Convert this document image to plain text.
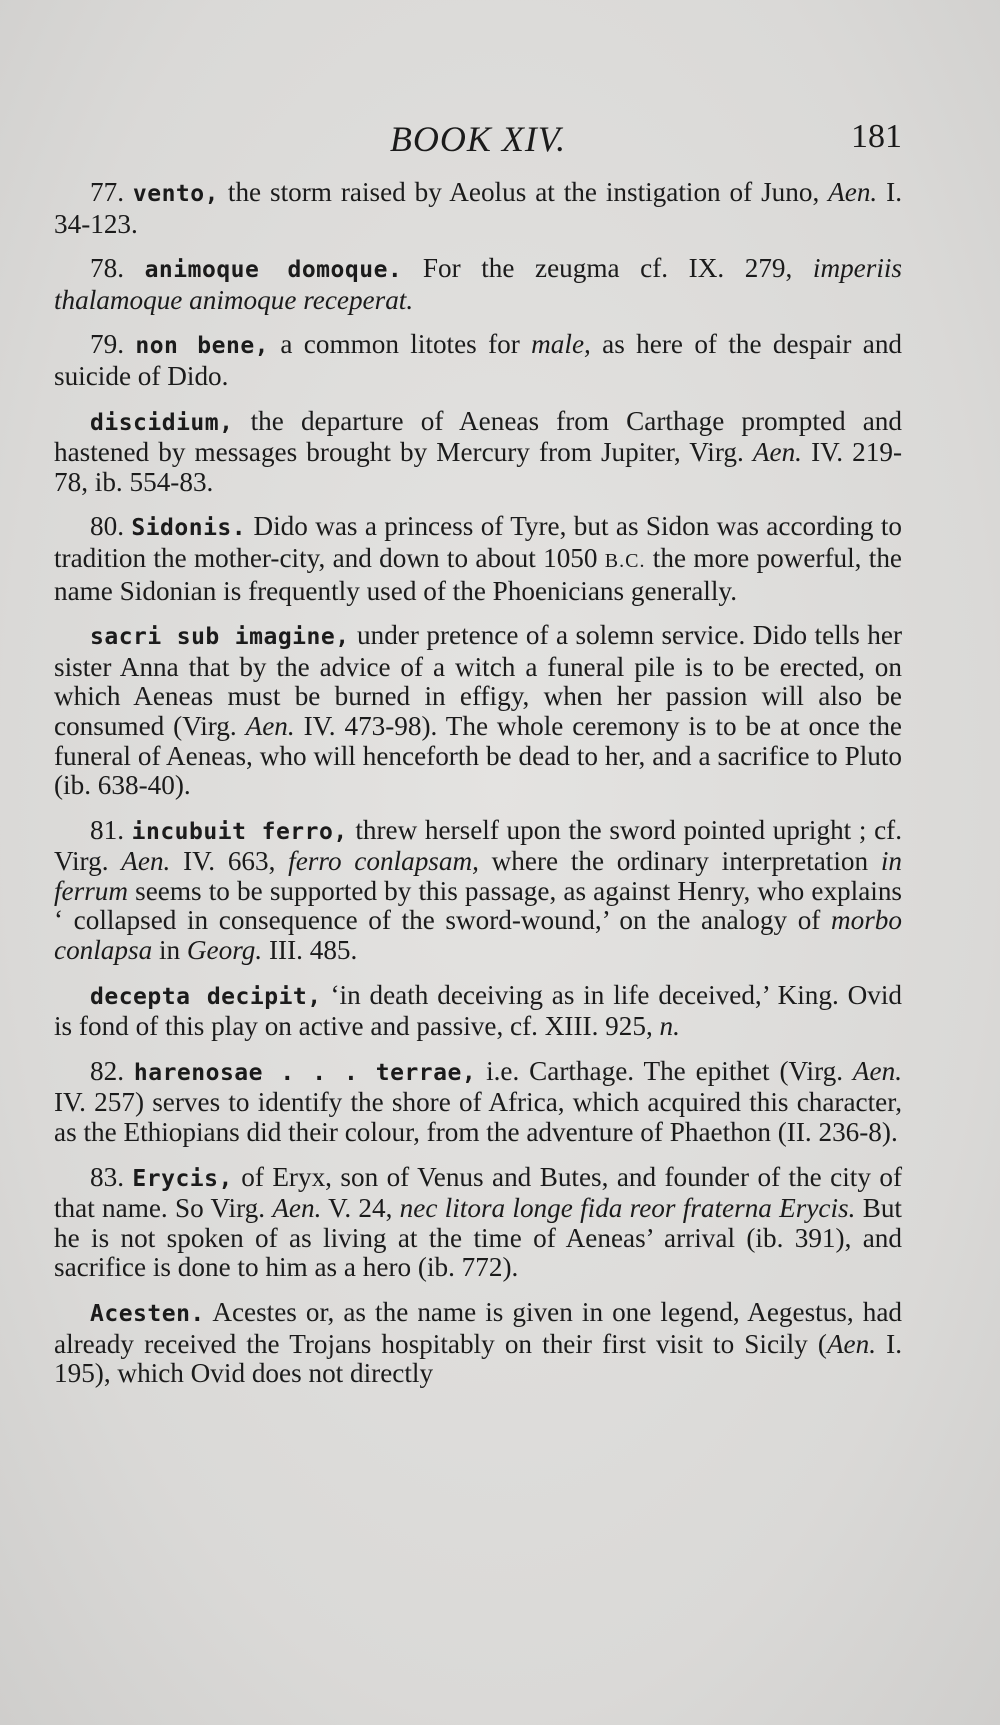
BOOK XIV.	181

77. vento, the storm raised by Aeolus at the instigation of Juno, Aen. I. 34-123.

78. animoque domoque. For the zeugma cf. IX. 279, imperiis thalamoque animoque receperat.

79. non bene, a common litotes for male, as here of the despair and suicide of Dido.

discidium, the departure of Aeneas from Carthage prompted and hastened by messages brought by Mercury from Jupiter, Virg. Aen. IV. 219-78, ib. 554-83.

80. Sidonis. Dido was a princess of Tyre, but as Sidon was according to tradition the mother-city, and down to about 1050 B.C. the more powerful, the name Sidonian is frequently used of the Phoenicians generally.

sacri sub imagine, under pretence of a solemn service. Dido tells her sister Anna that by the advice of a witch a funeral pile is to be erected, on which Aeneas must be burned in effigy, when her passion will also be consumed (Virg. Aen. IV. 473-98). The whole ceremony is to be at once the funeral of Aeneas, who will henceforth be dead to her, and a sacrifice to Pluto (ib. 638-40).

81. incubuit ferro, threw herself upon the sword pointed upright ; cf. Virg. Aen. IV. 663, ferro conlapsam, where the ordinary interpretation in ferrum seems to be supported by this passage, as against Henry, who explains ‘ collapsed in consequence of the sword-wound,’ on the analogy of morbo conlapsa in Georg. III. 485.

decepta decipit, ‘in death deceiving as in life deceived,’ King. Ovid is fond of this play on active and passive, cf. XIII. 925, n.

82. harenosae . . . terrae, i.e. Carthage. The epithet (Virg. Aen. IV. 257) serves to identify the shore of Africa, which acquired this character, as the Ethiopians did their colour, from the adventure of Phaethon (II. 236-8).

83. Erycis, of Eryx, son of Venus and Butes, and founder of the city of that name. So Virg. Aen. V. 24, nec litora longe fida reor fraterna Erycis. But he is not spoken of as living at the time of Aeneas’ arrival (ib. 391), and sacrifice is done to him as a hero (ib. 772).

Acesten. Acestes or, as the name is given in one legend, Aegestus, had already received the Trojans hospitably on their first visit to Sicily (Aen. I. 195), which Ovid does not directly
